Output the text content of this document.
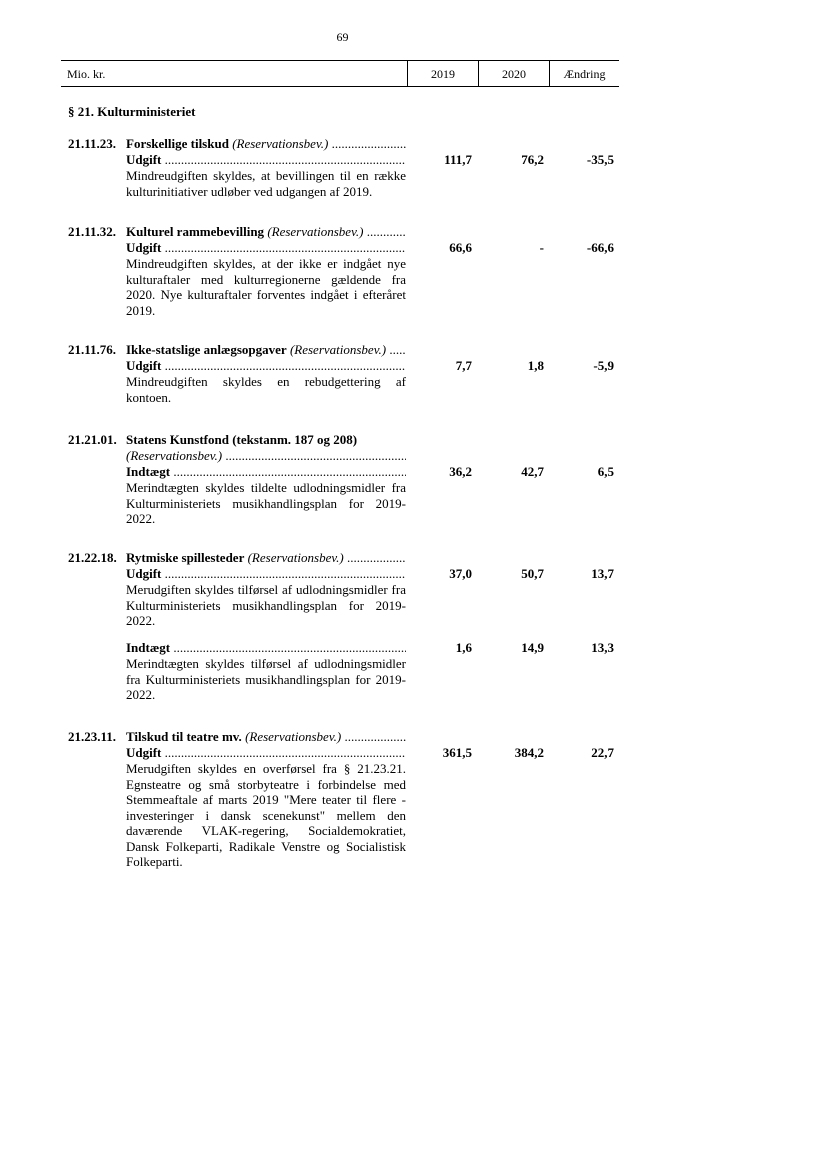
69
Mio. kr.	2019	2020	Ændring
§ 21. Kulturministeriet
21.11.23. Forskellige tilskud (Reservationsbev.) .....
Udgift .....	111,7	76,2	-35,5
Mindreudgiften skyldes, at bevillingen til en række kulturinitiativer udløber ved udgangen af 2019.
21.11.32. Kulturel rammebevilling (Reservationsbev.) .....
Udgift .....	66,6	-	-66,6
Mindreudgiften skyldes, at der ikke er indgået nye kulturaftaler med kulturregionerne gældende fra 2020. Nye kulturaftaler forventes indgået i efteråret 2019.
21.11.76. Ikke-statslige anlægsopgaver (Reservationsbev.) .....
Udgift .....	7,7	1,8	-5,9
Mindreudgiften skyldes en rebudgettering af kontoen.
21.21.01. Statens Kunstfond (tekstanm. 187 og 208)
(Reservationsbev.) .....
Indtægt .....	36,2	42,7	6,5
Merindtægten skyldes tildelte udlodningsmidler fra Kulturministeriets musikhandlingsplan for 2019-2022.
21.22.18. Rytmiske spillesteder (Reservationsbev.) .....
Udgift .....	37,0	50,7	13,7
Merudgiften skyldes tilførsel af udlodningsmidler fra Kulturministeriets musikhandlingsplan for 2019-2022.
Indtægt .....	1,6	14,9	13,3
Merindtægten skyldes tilførsel af udlodningsmidler fra Kulturministeriets musikhandlingsplan for 2019-2022.
21.23.11. Tilskud til teatre mv. (Reservationsbev.) .....
Udgift .....	361,5	384,2	22,7
Merudgiften skyldes en overførsel fra § 21.23.21. Egnsteatre og små storbyteatre i forbindelse med Stemmeaftale af marts 2019 "Mere teater til flere - investeringer i dansk scenekunst" mellem den daværende VLAK-regering, Socialdemokratiet, Dansk Folkeparti, Radikale Venstre og Socialistisk Folkeparti.
